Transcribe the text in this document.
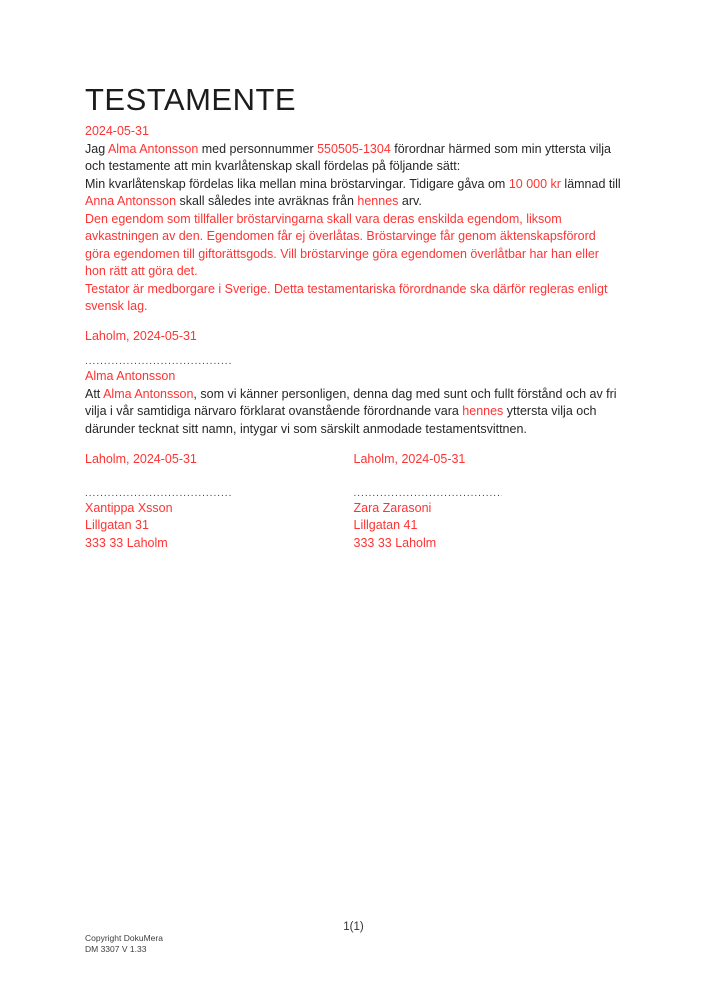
TESTAMENTE
2024-05-31

Jag Alma Antonsson med personnummer 550505-1304 förordnar härmed som min yttersta vilja och testamente att min kvarlåtenskap skall fördelas på följande sätt:

Min kvarlåtenskap fördelas lika mellan mina bröstarvingar. Tidigare gåva om 10 000 kr lämnad till Anna Antonsson skall således inte avräknas från hennes arv.

Den egendom som tillfaller bröstarvingarna skall vara deras enskilda egendom, liksom avkastningen av den. Egendomen får ej överlåtas. Bröstarvinge får genom äktenskapsförord göra egendomen till giftorättsgods. Vill bröstarvinge göra egendomen överlåtbar har han eller hon rätt att göra det.

Testator är medborgare i Sverige. Detta testamentariska förordnande ska därför regleras enligt svensk lag.

Laholm, 2024-05-31
.....
Alma Antonsson

Att Alma Antonsson, som vi känner personligen, denna dag med sunt och fullt förstånd och av fri vilja i vår samtidiga närvaro förklarat ovanstående förordnande vara hennes yttersta vilja och därunder tecknat sitt namn, intygar vi som särskilt anmodade testamentsvittnen.

Laholm, 2024-05-31
.....
Xantippa Xsson
Lillgatan 31
333 33 Laholm
Laholm, 2024-05-31
.....
Zara Zarasoni
Lillgatan 41
333 33 Laholm
1(1)
Copyright DokuMera
DM 3307 V 1.33
